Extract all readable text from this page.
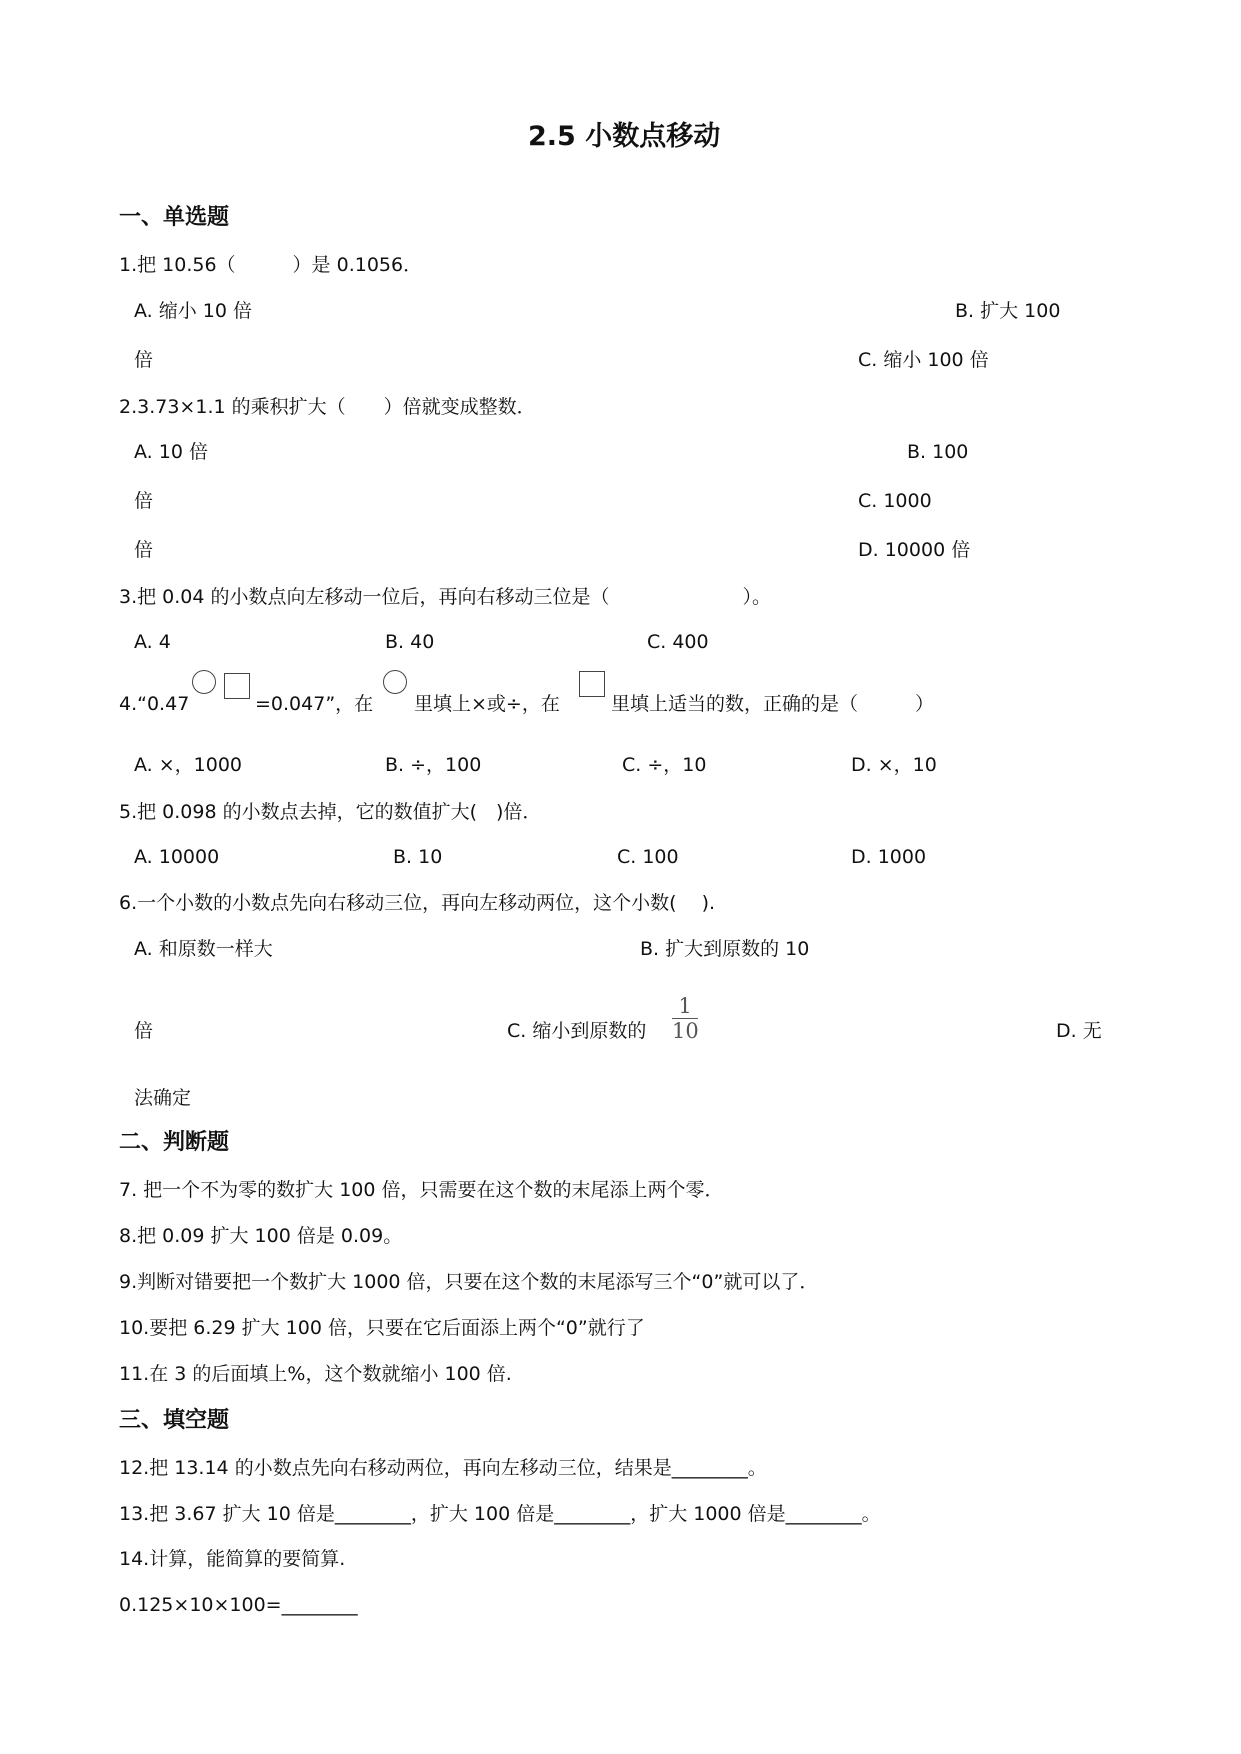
2.5 小数点移动
一、单选题
1.把 10.56（　　　）是 0.1056．
A. 缩小 10 倍	B. 扩大 100
倍	C. 缩小 100 倍
2.3.73×1.1 的乘积扩大（　　）倍就变成整数．
A. 10 倍	B. 100
倍	C. 1000
倍	D. 10000 倍
3.把 0.04 的小数点向左移动一位后，再向右移动三位是（　　　　　　　）。
A. 4	B. 40	C. 400
4.“0.47	=0.047”，在 里填上×或÷，在	里填上适当的数，正确的是（　　　）
A. ×，1000	B. ÷，100	C. ÷，10	D. ×，10
5.把 0.098 的小数点去掉，它的数值扩大(　)倍．
A. 10000	B. 10	C. 100	D. 1000
6.一个小数的小数点先向右移动三位，再向左移动两位，这个小数(　 ).
A. 和原数一样大	B. 扩大到原数的 10
倍	C. 缩小到原数的
1
10	D. 无
法确定
二、判断题
7. 把一个不为零的数扩大 100 倍，只需要在这个数的末尾添上两个零．
8.把 0.09 扩大 100 倍是 0.09。
9.判断对错要把一个数扩大 1000 倍，只要在这个数的末尾添写三个“0”就可以了．
10.要把 6.29 扩大 100 倍，只要在它后面添上两个“0”就行了
11.在 3 的后面填上%，这个数就缩小 100 倍.
三、填空题
12.把 13.14 的小数点先向右移动两位，再向左移动三位，结果是________。
13.把 3.67 扩大 10 倍是________，扩大 100 倍是________，扩大 1000 倍是________。
14.计算，能简算的要简算.
0.125×10×100=________
